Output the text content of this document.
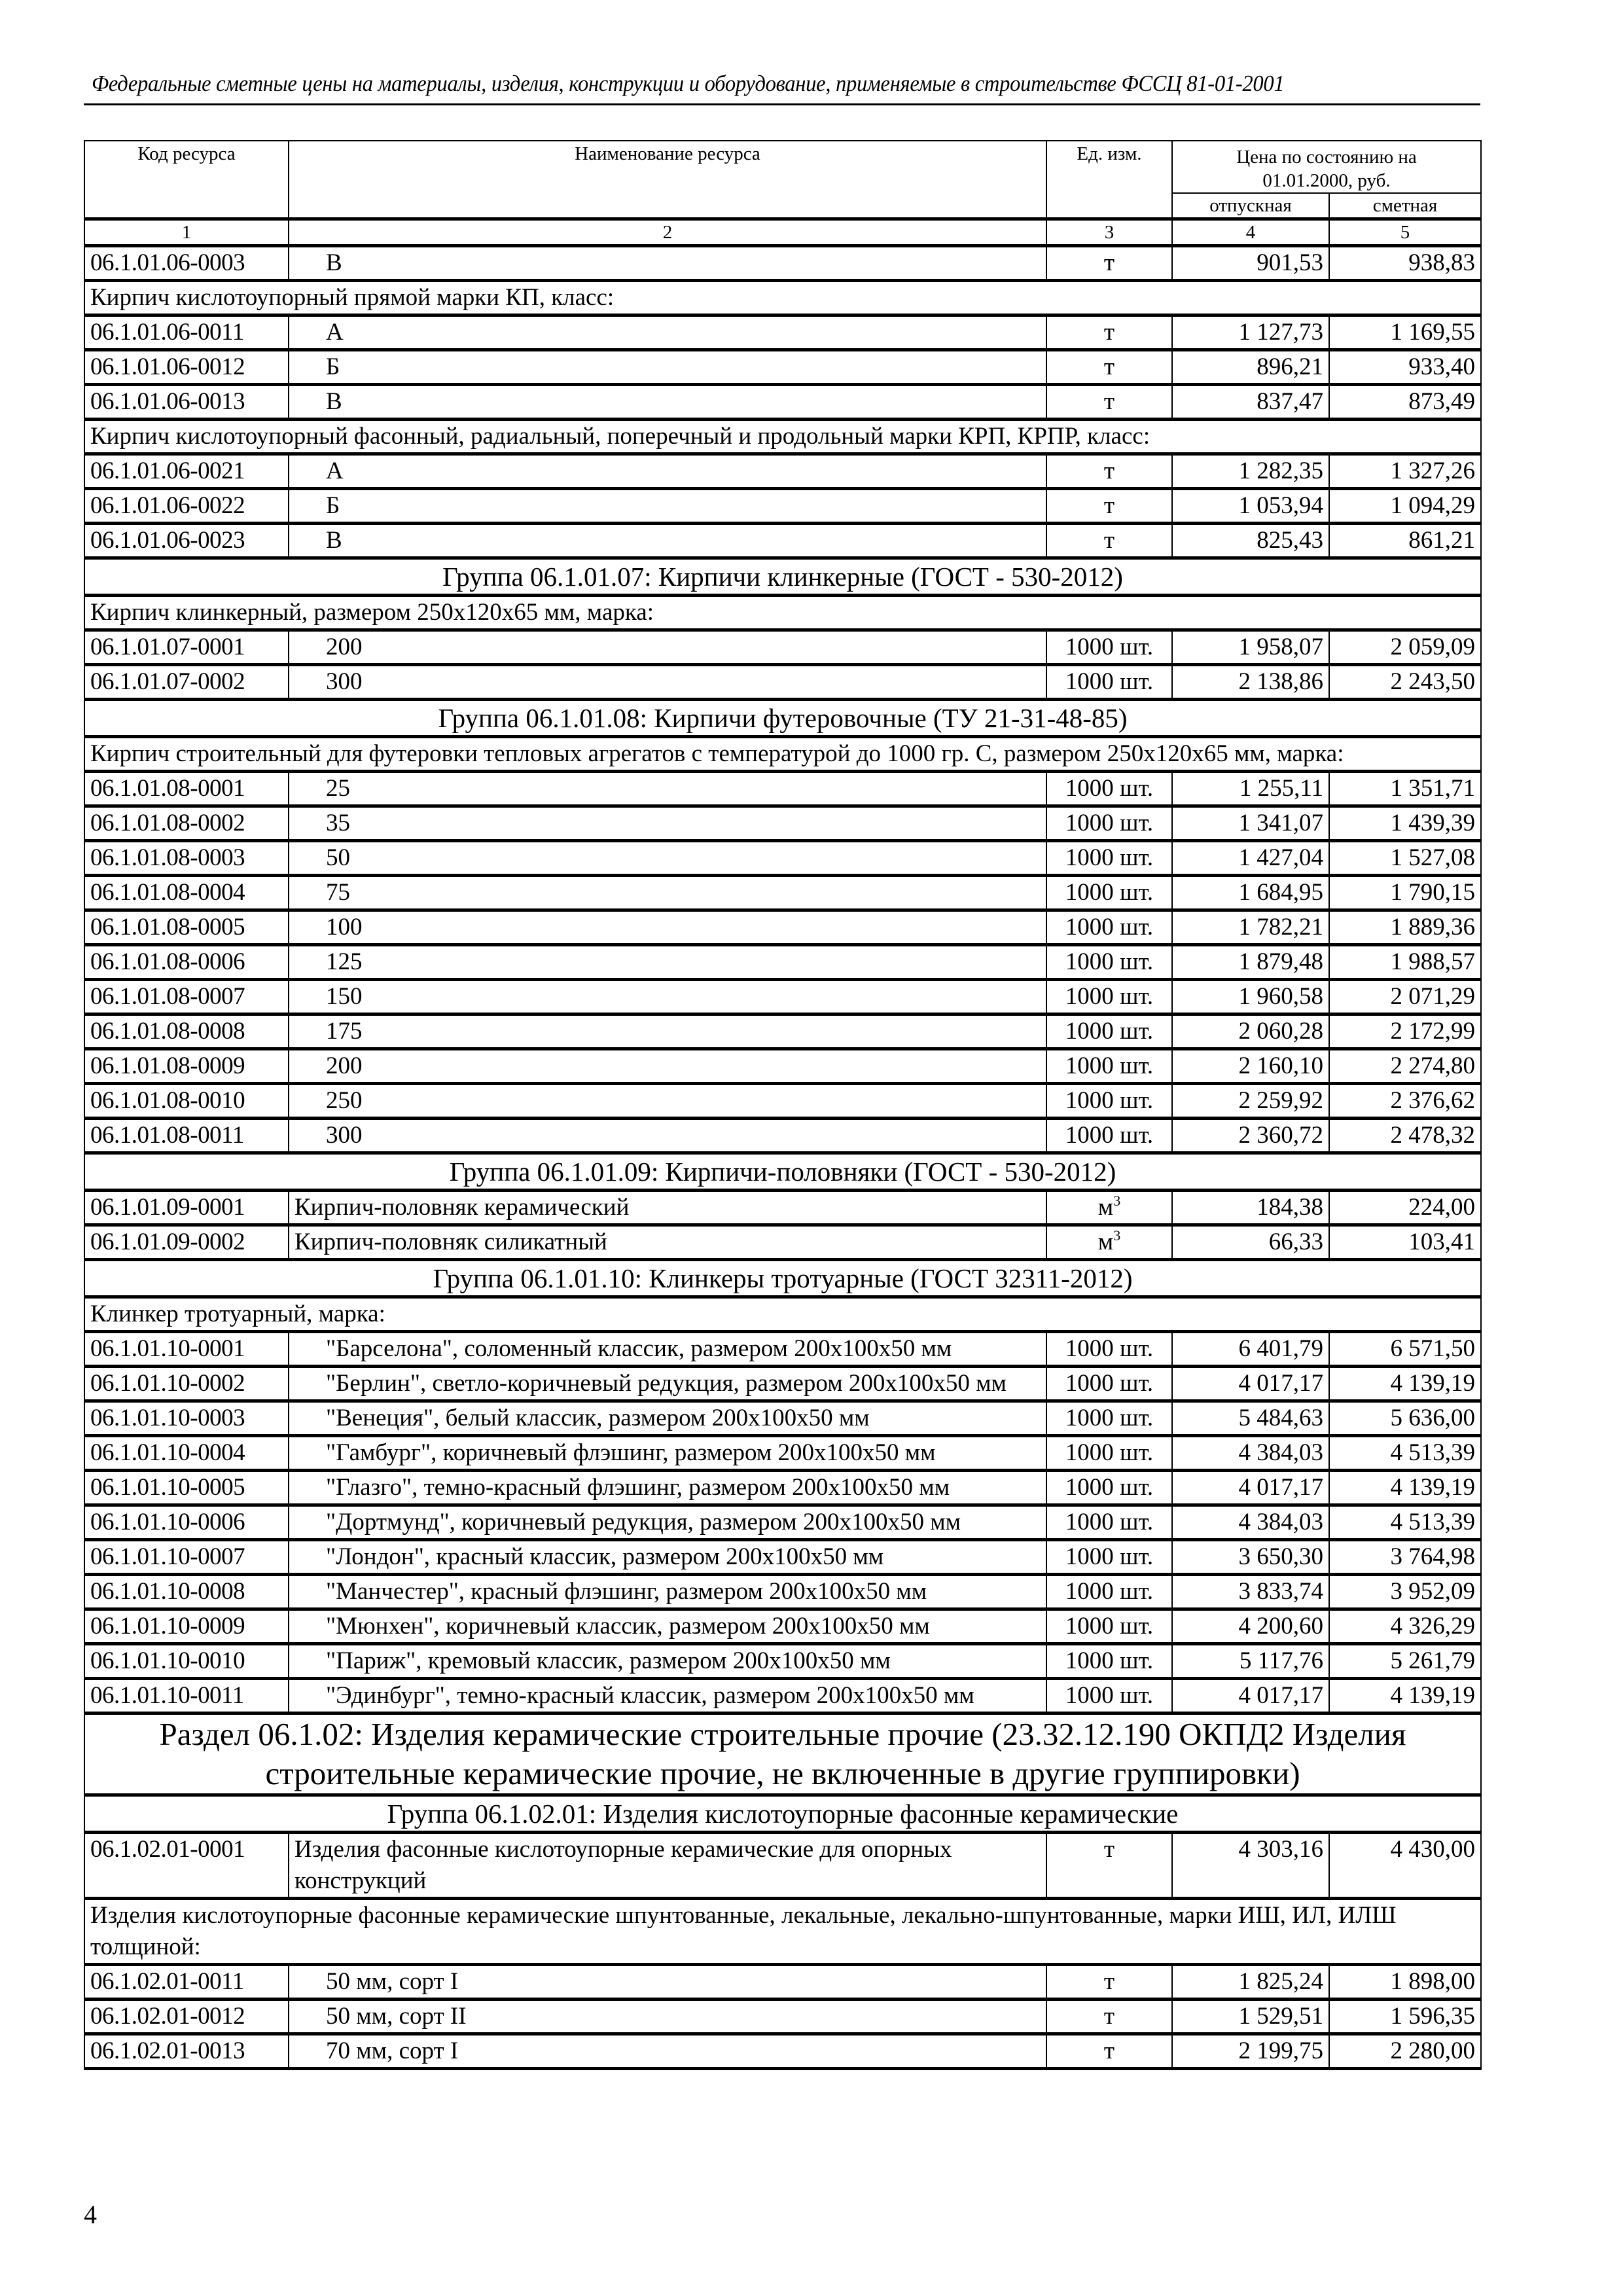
Федеральные сметные цены на материалы, изделия, конструкции и оборудование, применяемые в строительстве ФССЦ 81-01-2001
Код ресурса	Наименование ресурса	Ед. изм.	Цена по состоянию на 01.01.2000, руб.	
			отпускная	сметная
1	2	3	4	5
06.1.01.06-0003	В	т	901,53	938,83
Кирпич кислотоупорный прямой марки КП, класс:				
06.1.01.06-0011	А	т	1 127,73	1 169,55
06.1.01.06-0012	Б	т	896,21	933,40
06.1.01.06-0013	В	т	837,47	873,49
Кирпич кислотоупорный фасонный, радиальный, поперечный и продольный марки КРП, КРПР, класс:				
06.1.01.06-0021	А	т	1 282,35	1 327,26
06.1.01.06-0022	Б	т	1 053,94	1 094,29
06.1.01.06-0023	В	т	825,43	861,21
Группа 06.1.01.07: Кирпичи клинкерные (ГОСТ - 530-2012)				
Кирпич клинкерный, размером 250х120х65 мм, марка:				
06.1.01.07-0001	200	1000 шт.	1 958,07	2 059,09
06.1.01.07-0002	300	1000 шт.	2 138,86	2 243,50
Группа 06.1.01.08: Кирпичи футеровочные (ТУ 21-31-48-85)				
Кирпич строительный для футеровки тепловых агрегатов с температурой до 1000 гр. С, размером 250х120х65 мм, марка:				
06.1.01.08-0001	25	1000 шт.	1 255,11	1 351,71
06.1.01.08-0002	35	1000 шт.	1 341,07	1 439,39
06.1.01.08-0003	50	1000 шт.	1 427,04	1 527,08
06.1.01.08-0004	75	1000 шт.	1 684,95	1 790,15
06.1.01.08-0005	100	1000 шт.	1 782,21	1 889,36
06.1.01.08-0006	125	1000 шт.	1 879,48	1 988,57
06.1.01.08-0007	150	1000 шт.	1 960,58	2 071,29
06.1.01.08-0008	175	1000 шт.	2 060,28	2 172,99
06.1.01.08-0009	200	1000 шт.	2 160,10	2 274,80
06.1.01.08-0010	250	1000 шт.	2 259,92	2 376,62
06.1.01.08-0011	300	1000 шт.	2 360,72	2 478,32
Группа 06.1.01.09: Кирпичи-половняки (ГОСТ - 530-2012)				
06.1.01.09-0001	Кирпич-половняк керамический	$м^3$	184,38	224,00
06.1.01.09-0002	Кирпич-половняк силикатный	$м^3$	66,33	103,41
Группа 06.1.01.10: Клинкеры тротуарные (ГОСТ 32311-2012)				
Клинкер тротуарный, марка:				
06.1.01.10-0001	"Барселона", соломенный классик, размером 200х100х50 мм	1000 шт.	6 401,79	6 571,50
06.1.01.10-0002	"Берлин", светло-коричневый редукция, размером 200х100х50 мм	1000 шт.	4 017,17	4 139,19
06.1.01.10-0003	"Венеция", белый классик, размером 200х100х50 мм	1000 шт.	5 484,63	5 636,00
06.1.01.10-0004	"Гамбург", коричневый флэшинг, размером 200х100х50 мм	1000 шт.	4 384,03	4 513,39
06.1.01.10-0005	"Глазго", темно-красный флэшинг, размером 200х100х50 мм	1000 шт.	4 017,17	4 139,19
06.1.01.10-0006	"Дортмунд", коричневый редукция, размером 200х100х50 мм	1000 шт.	4 384,03	4 513,39
06.1.01.10-0007	"Лондон", красный классик, размером 200х100х50 мм	1000 шт.	3 650,30	3 764,98
06.1.01.10-0008	"Манчестер", красный флэшинг, размером 200х100х50 мм	1000 шт.	3 833,74	3 952,09
06.1.01.10-0009	"Мюнхен", коричневый классик, размером 200х100х50 мм	1000 шт.	4 200,60	4 326,29
06.1.01.10-0010	"Париж", кремовый классик, размером 200х100х50 мм	1000 шт.	5 117,76	5 261,79
06.1.01.10-0011	"Эдинбург", темно-красный классик, размером 200х100х50 мм	1000 шт.	4 017,17	4 139,19
Раздел 06.1.02: Изделия керамические строительные прочие (23.32.12.190 ОКПД2 Изделия строительные керамические прочие, не включенные в другие группировки)				
Группа 06.1.02.01: Изделия кислотоупорные фасонные керамические				
06.1.02.01-0001	Изделия фасонные кислотоупорные керамические для опорных конструкций	т	4 303,16	4 430,00
Изделия кислотоупорные фасонные керамические шпунтованные, лекальные, лекально-шпунтованные, марки ИШ, ИЛ, ИЛШ толщиной:				
06.1.02.01-0011	50 мм, сорт I	т	1 825,24	1 898,00
06.1.02.01-0012	50 мм, сорт II	т	1 529,51	1 596,35
06.1.02.01-0013	70 мм, сорт I	т	2 199,75	2 280,00
4
